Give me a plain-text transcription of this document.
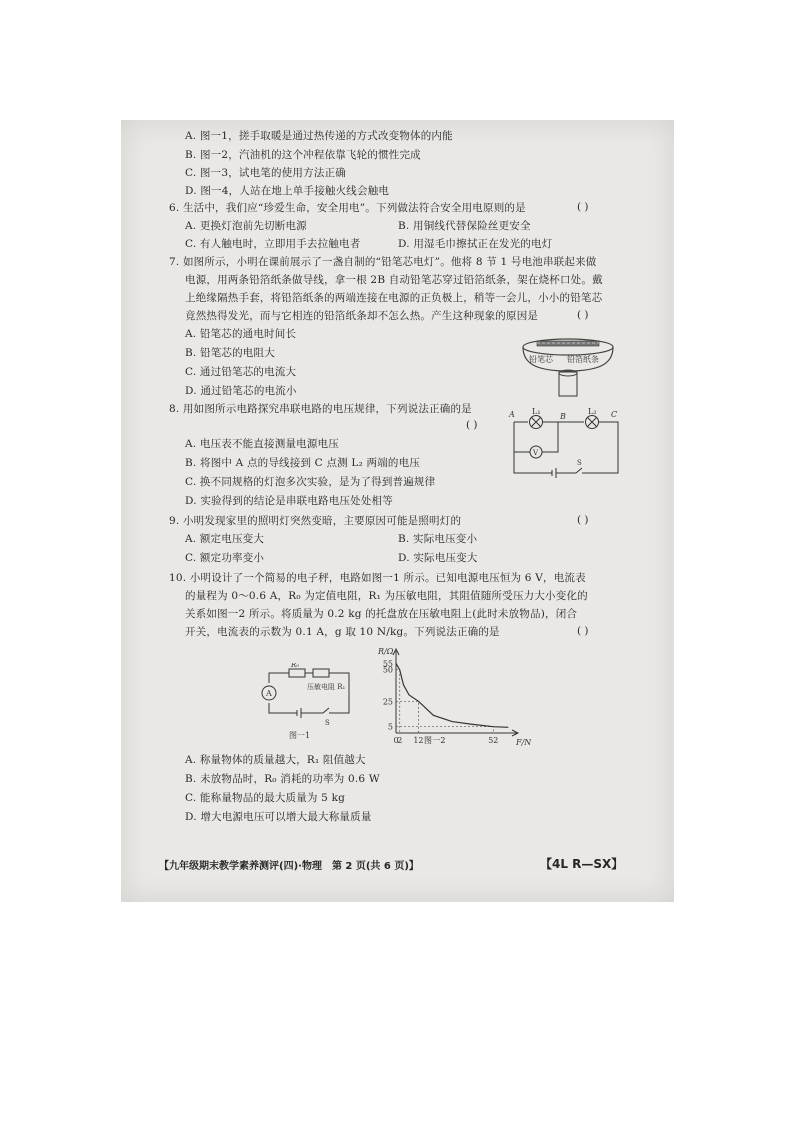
A. 图一1，搓手取暖是通过热传递的方式改变物体的内能
B. 图一2，汽油机的这个冲程依靠飞轮的惯性完成
C. 图一3，试电笔的使用方法正确
D. 图一4，人站在地上单手接触火线会触电
6. 生活中，我们应“珍爱生命，安全用电”。下列做法符合安全用电原则的是	( )
A. 更换灯泡前先切断电源	B. 用铜线代替保险丝更安全
C. 有人触电时，立即用手去拉触电者	D. 用湿毛巾擦拭正在发光的电灯
7. 如图所示，小明在课前展示了一盏自制的“铅笔芯电灯”。他将 8 节 1 号电池串联起来做
电源，用两条铅箔纸条做导线，拿一根 2B 自动铅笔芯穿过铅箔纸条，架在烧杯口处。戴
上绝缘隔热手套，将铅箔纸条的两端连接在电源的正负极上，稍等一会儿，小小的铅笔芯
竟然热得发光，而与它相连的铅箔纸条却不怎么热。产生这种现象的原因是	( )
A. 铅笔芯的通电时间长
B. 铅笔芯的电阻大
C. 通过铅笔芯的电流大
D. 通过铅笔芯的电流小
铅笔芯 铅箔纸条
8. 用如图所示电路探究串联电路的电压规律，下列说法正确的是
( )
A. 电压表不能直接测量电源电压
B. 将图中 A 点的导线接到 C 点测 L₂ 两端的电压
C. 换不同规格的灯泡多次实验，是为了得到普遍规律
D. 实验得到的结论是串联电路电压处处相等
A L₁
B
L₂ C
V
S
9. 小明发现家里的照明灯突然变暗，主要原因可能是照明灯的	( )
A. 额定电压变大	B. 实际电压变小
C. 额定功率变小	D. 实际电压变大
10. 小明设计了一个简易的电子秤，电路如图一1 所示。已知电源电压恒为 6 V，电流表
的量程为 0～0.6 A，R₀ 为定值电阻，R₁ 为压敏电阻，其阻值随所受压力大小变化的
关系如图一2 所示。将质量为 0.2 kg 的托盘放在压敏电阻上(此时未放物品)，闭合
开关，电流表的示数为 0.1 A，g 取 10 N/kg。下列说法正确的是	( )
A
R₀
压敏电阻 R₁
S
图一1
5
25
50
55
0
2 12	52
R/Ω
F/N
图一2
A. 称量物体的质量越大，R₁ 阻值越大
B. 未放物品时，R₀ 消耗的功率为 0.6 W
C. 能称量物品的最大质量为 5 kg
D. 增大电源电压可以增大最大称量质量
【九年级期末教学素养测评(四)·物理　第 2 页(共 6 页)】	【4L R—SX】
